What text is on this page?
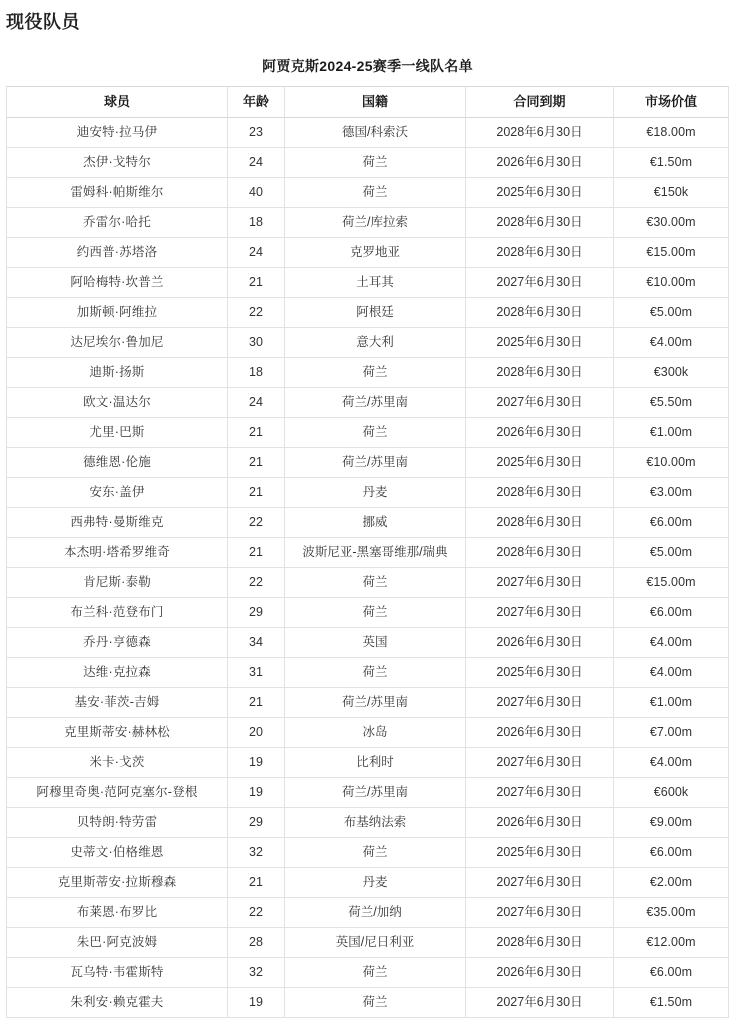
现役队员
阿贾克斯2024-25赛季一线队名单
球员	年龄	国籍	合同到期	市场价值
迪安特·拉马伊	23	德国/科索沃	2028年6月30日	€18.00m
杰伊·戈特尔	24	荷兰	2026年6月30日	€1.50m
雷姆科·帕斯维尔	40	荷兰	2025年6月30日	€150k
乔雷尔·哈托	18	荷兰/库拉索	2028年6月30日	€30.00m
约西普·苏塔洛	24	克罗地亚	2028年6月30日	€15.00m
阿哈梅特·坎普兰	21	土耳其	2027年6月30日	€10.00m
加斯顿·阿维拉	22	阿根廷	2028年6月30日	€5.00m
达尼埃尔·鲁加尼	30	意大利	2025年6月30日	€4.00m
迪斯·扬斯	18	荷兰	2028年6月30日	€300k
欧文·温达尔	24	荷兰/苏里南	2027年6月30日	€5.50m
尤里·巴斯	21	荷兰	2026年6月30日	€1.00m
德维恩·伦施	21	荷兰/苏里南	2025年6月30日	€10.00m
安东·盖伊	21	丹麦	2028年6月30日	€3.00m
西弗特·曼斯维克	22	挪威	2028年6月30日	€6.00m
本杰明·塔希罗维奇	21	波斯尼亚-黑塞哥维那/瑞典	2028年6月30日	€5.00m
肯尼斯·泰勒	22	荷兰	2027年6月30日	€15.00m
布兰科·范登布门	29	荷兰	2027年6月30日	€6.00m
乔丹·亨德森	34	英国	2026年6月30日	€4.00m
达维·克拉森	31	荷兰	2025年6月30日	€4.00m
基安·菲茨-吉姆	21	荷兰/苏里南	2027年6月30日	€1.00m
克里斯蒂安·赫林松	20	冰岛	2026年6月30日	€7.00m
米卡·戈茨	19	比利时	2027年6月30日	€4.00m
阿穆里奇奥·范阿克塞尔-登根	19	荷兰/苏里南	2027年6月30日	€600k
贝特朗·特劳雷	29	布基纳法索	2026年6月30日	€9.00m
史蒂文·伯格维恩	32	荷兰	2025年6月30日	€6.00m
克里斯蒂安·拉斯穆森	21	丹麦	2027年6月30日	€2.00m
布莱恩·布罗比	22	荷兰/加纳	2027年6月30日	€35.00m
朱巴·阿克波姆	28	英国/尼日利亚	2028年6月30日	€12.00m
瓦乌特·韦霍斯特	32	荷兰	2026年6月30日	€6.00m
朱利安·赖克霍夫	19	荷兰	2027年6月30日	€1.50m
